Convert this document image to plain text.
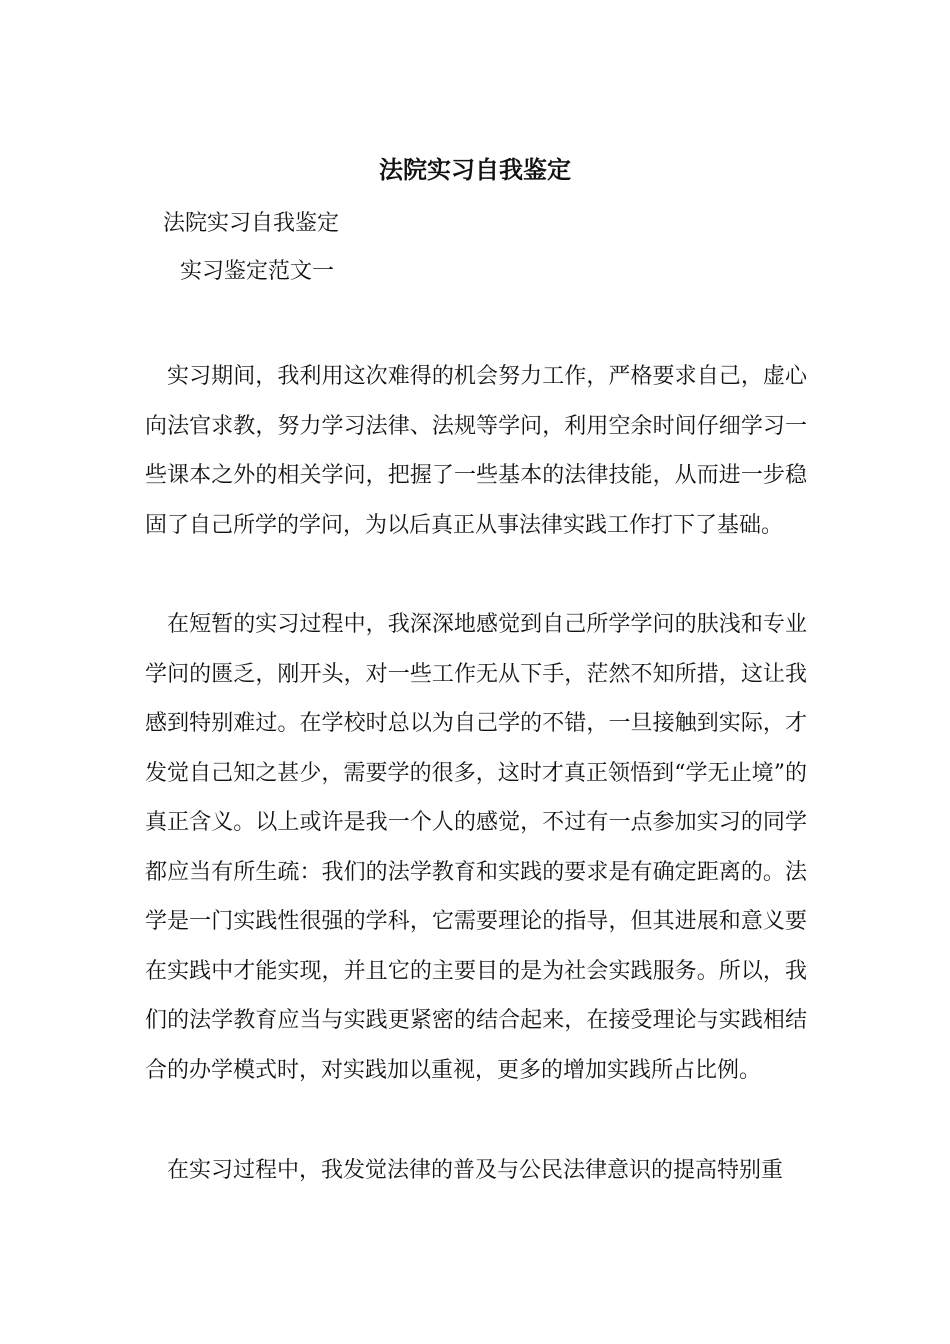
法院实习自我鉴定
法院实习自我鉴定
实习鉴定范文一

实习期间，我利用这次难得的机会努力工作，严格要求自己，虚心向法官求教，努力学习法律、法规等学问，利用空余时间仔细学习一些课本之外的相关学问，把握了一些基本的法律技能，从而进一步稳固了自己所学的学问，为以后真正从事法律实践工作打下了基础。

在短暂的实习过程中，我深深地感觉到自己所学学问的肤浅和专业学问的匮乏，刚开头，对一些工作无从下手，茫然不知所措，这让我感到特别难过。在学校时总以为自己学的不错，一旦接触到实际，才发觉自己知之甚少，需要学的很多，这时才真正领悟到“学无止境”的真正含义。以上或许是我一个人的感觉，不过有一点参加实习的同学都应当有所生疏：我们的法学教育和实践的要求是有确定距离的。法学是一门实践性很强的学科，它需要理论的指导，但其进展和意义要在实践中才能实现，并且它的主要目的是为社会实践服务。所以，我们的法学教育应当与实践更紧密的结合起来，在接受理论与实践相结合的办学模式时，对实践加以重视，更多的增加实践所占比例。

在实习过程中，我发觉法律的普及与公民法律意识的提高特别重
